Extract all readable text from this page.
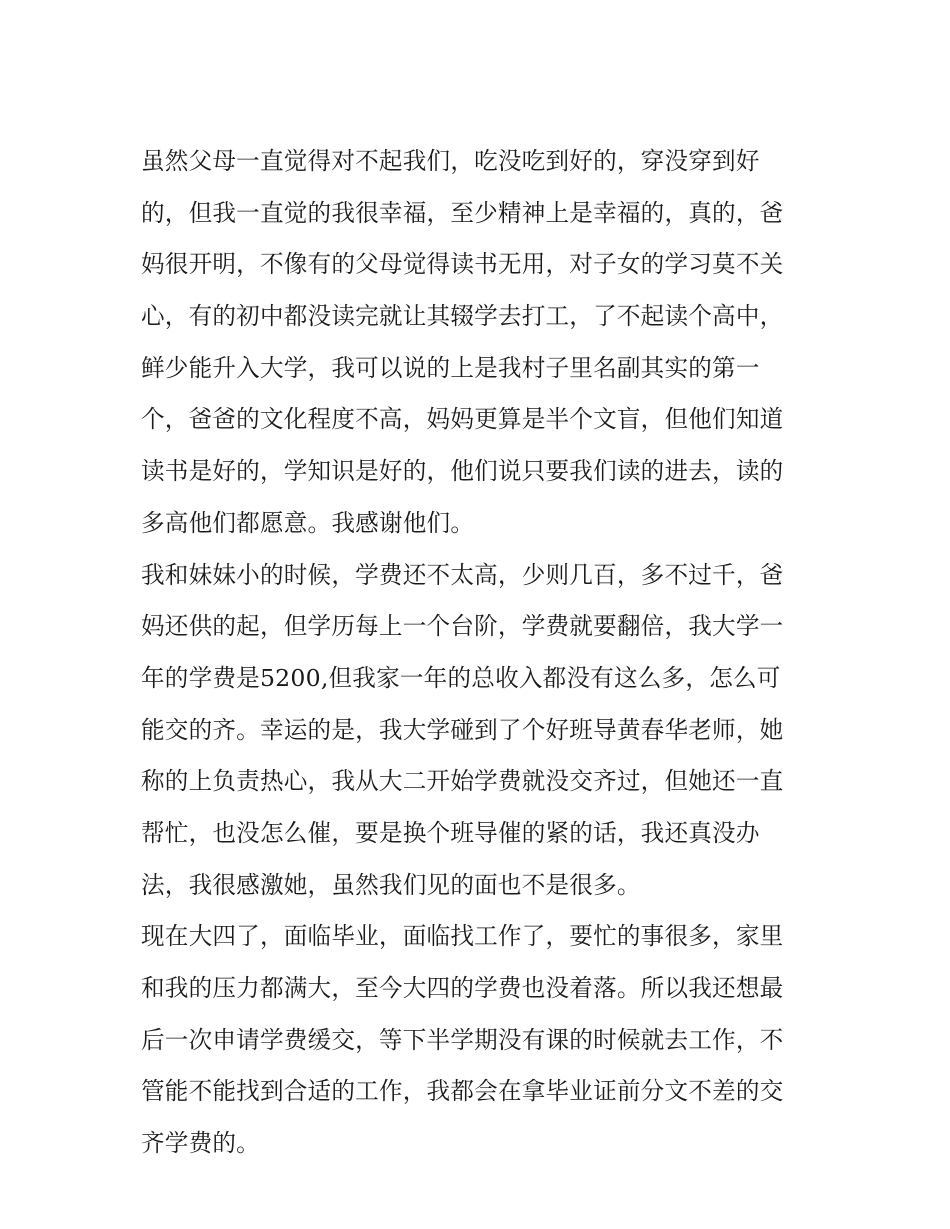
虽然父母一直觉得对不起我们，吃没吃到好的，穿没穿到好
的，但我一直觉的我很幸福，至少精神上是幸福的，真的，爸
妈很开明，不像有的父母觉得读书无用，对子女的学习莫不关
心，有的初中都没读完就让其辍学去打工，了不起读个高中，
鲜少能升入大学，我可以说的上是我村子里名副其实的第一
个，爸爸的文化程度不高，妈妈更算是半个文盲，但他们知道
读书是好的，学知识是好的，他们说只要我们读的进去，读的
多高他们都愿意。我感谢他们。
我和妹妹小的时候，学费还不太高，少则几百，多不过千，爸
妈还供的起，但学历每上一个台阶，学费就要翻倍，我大学一
年的学费是5200,但我家一年的总收入都没有这么多，怎么可
能交的齐。幸运的是，我大学碰到了个好班导黄春华老师，她
称的上负责热心，我从大二开始学费就没交齐过，但她还一直
帮忙，也没怎么催，要是换个班导催的紧的话，我还真没办
法，我很感激她，虽然我们见的面也不是很多。
现在大四了，面临毕业，面临找工作了，要忙的事很多，家里
和我的压力都满大，至今大四的学费也没着落。所以我还想最
后一次申请学费缓交，等下半学期没有课的时候就去工作，不
管能不能找到合适的工作，我都会在拿毕业证前分文不差的交
齐学费的。
